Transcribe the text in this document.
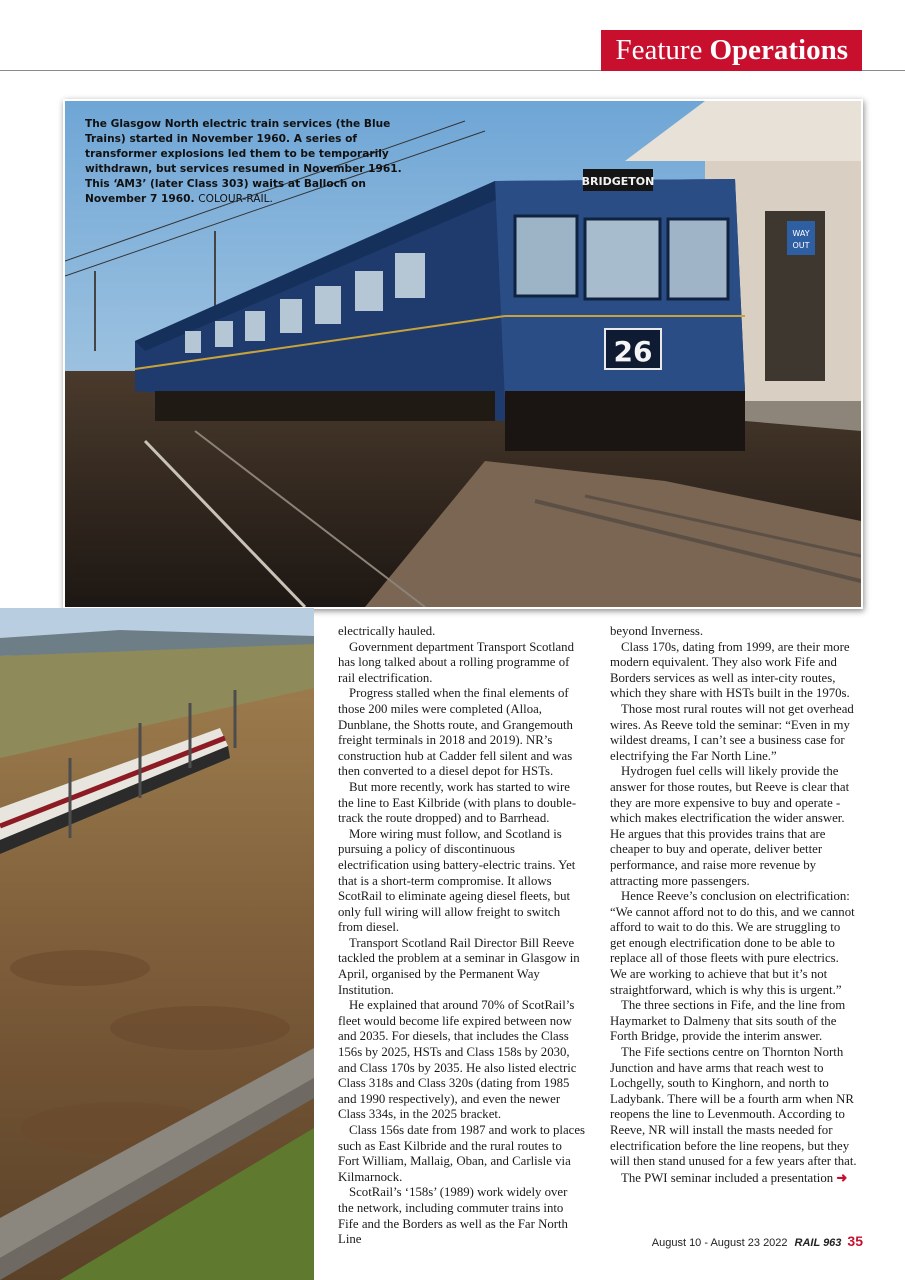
Feature Operations
WAY
OUT
BRIDGETON
26
The Glasgow North electric train services (the Blue Trains) started in November 1960. A series of transformer explosions led them to be temporarily withdrawn, but services resumed in November 1961. This ‘AM3’ (later Class 303) waits at Balloch on November 7 1960. COLOUR-RAIL.

electrically hauled.

Government department Transport Scotland has long talked about a rolling programme of rail electrification.

Progress stalled when the final elements of those 200 miles were completed (Alloa, Dunblane, the Shotts route, and Grangemouth freight terminals in 2018 and 2019). NR’s construction hub at Cadder fell silent and was then converted to a diesel depot for HSTs.

But more recently, work has started to wire the line to East Kilbride (with plans to double-track the route dropped) and to Barrhead.

More wiring must follow, and Scotland is pursuing a policy of discontinuous electrification using battery-electric trains. Yet that is a short-term compromise. It allows ScotRail to eliminate ageing diesel fleets, but only full wiring will allow freight to switch from diesel.

Transport Scotland Rail Director Bill Reeve tackled the problem at a seminar in Glasgow in April, organised by the Permanent Way Institution.

He explained that around 70% of ScotRail’s fleet would become life expired between now and 2035. For diesels, that includes the Class 156s by 2025, HSTs and Class 158s by 2030, and Class 170s by 2035. He also listed electric Class 318s and Class 320s (dating from 1985 and 1990 respectively), and even the newer Class 334s, in the 2025 bracket.

Class 156s date from 1987 and work to places such as East Kilbride and the rural routes to Fort William, Mallaig, Oban, and Carlisle via Kilmarnock.

ScotRail’s ‘158s’ (1989) work widely over the network, including commuter trains into Fife and the Borders as well as the Far North Line

beyond Inverness.

Class 170s, dating from 1999, are their more modern equivalent. They also work Fife and Borders services as well as inter-city routes, which they share with HSTs built in the 1970s.

Those most rural routes will not get overhead wires. As Reeve told the seminar: “Even in my wildest dreams, I can’t see a business case for electrifying the Far North Line.”

Hydrogen fuel cells will likely provide the answer for those routes, but Reeve is clear that they are more expensive to buy and operate - which makes electrification the wider answer. He argues that this provides trains that are cheaper to buy and operate, deliver better performance, and raise more revenue by attracting more passengers.

Hence Reeve’s conclusion on electrification: “We cannot afford not to do this, and we cannot afford to wait to do this. We are struggling to get enough electrification done to be able to replace all of those fleets with pure electrics. We are working to achieve that but it’s not straightforward, which is why this is urgent.”

The three sections in Fife, and the line from Haymarket to Dalmeny that sits south of the Forth Bridge, provide the interim answer.

The Fife sections centre on Thornton North Junction and have arms that reach west to Lochgelly, south to Kinghorn, and north to Ladybank. There will be a fourth arm when NR reopens the line to Levenmouth. According to Reeve, NR will install the masts needed for electrification before the line reopens, but they will then stand unused for a few years after that.

The PWI seminar included a presentation ➜

August 10 - August 23 2022 RAIL 963 35
